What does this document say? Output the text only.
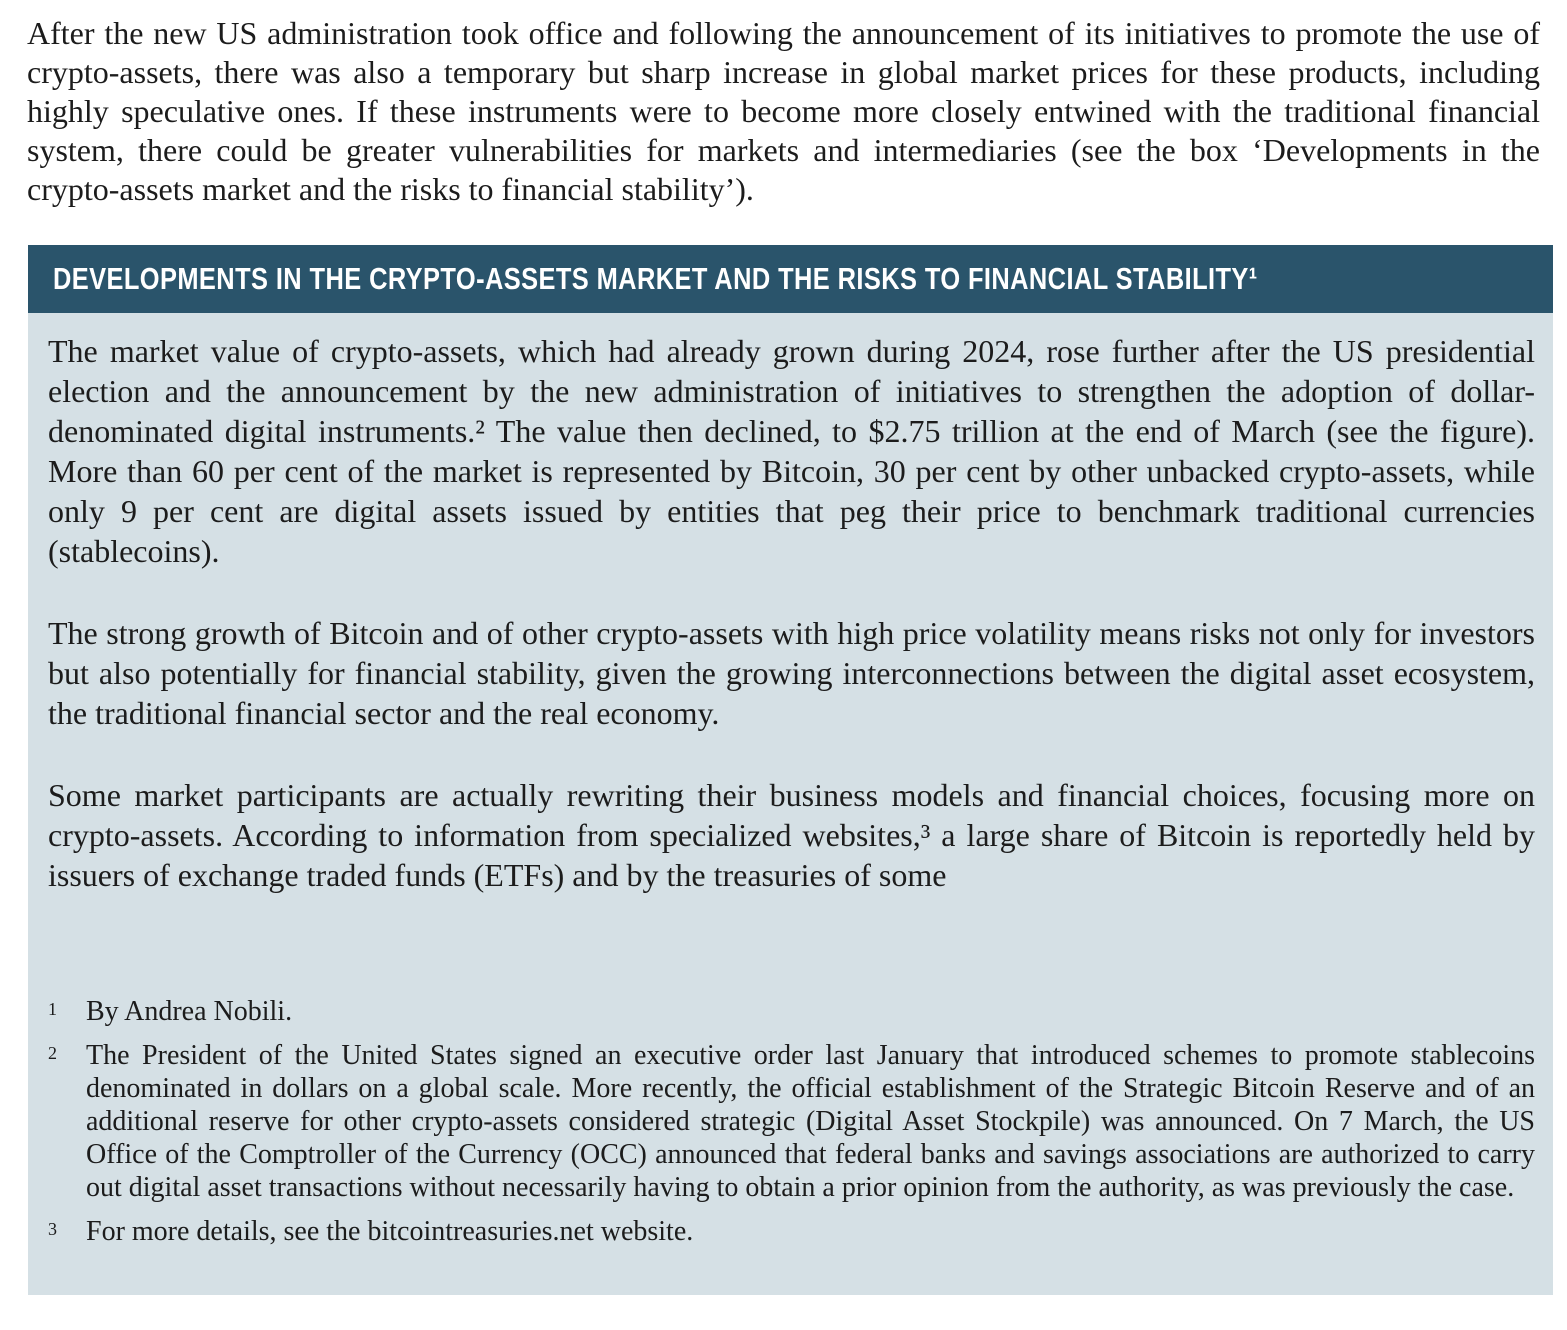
After the new US administration took office and following the announcement of its initiatives to promote the use of crypto-assets, there was also a temporary but sharp increase in global market prices for these products, including highly speculative ones. If these instruments were to become more closely entwined with the traditional financial system, there could be greater vulnerabilities for markets and intermediaries (see the box ‘Developments in the crypto-assets market and the risks to financial stability’).

DEVELOPMENTS IN THE CRYPTO-ASSETS MARKET AND THE RISKS TO FINANCIAL STABILITY¹

The market value of crypto-assets, which had already grown during 2024, rose further after the US presidential election and the announcement by the new administration of initiatives to strengthen the adoption of dollar-denominated digital instruments.² The value then declined, to $2.75 trillion at the end of March (see the figure). More than 60 per cent of the market is represented by Bitcoin, 30 per cent by other unbacked crypto-assets, while only 9 per cent are digital assets issued by entities that peg their price to benchmark traditional currencies (stablecoins).

The strong growth of Bitcoin and of other crypto-assets with high price volatility means risks not only for investors but also potentially for financial stability, given the growing interconnections between the digital asset ecosystem, the traditional financial sector and the real economy.

Some market participants are actually rewriting their business models and financial choices, focusing more on crypto-assets. According to information from specialized websites,³ a large share of Bitcoin is reportedly held by issuers of exchange traded funds (ETFs) and by the treasuries of some

1	By Andrea Nobili.

2	The President of the United States signed an executive order last January that introduced schemes to promote stablecoins denominated in dollars on a global scale. More recently, the official establishment of the Strategic Bitcoin Reserve and of an additional reserve for other crypto-assets considered strategic (Digital Asset Stockpile) was announced. On 7 March, the US Office of the Comptroller of the Currency (OCC) announced that federal banks and savings associations are authorized to carry out digital asset transactions without necessarily having to obtain a prior opinion from the authority, as was previously the case.

3	For more details, see the bitcointreasuries.net website.
